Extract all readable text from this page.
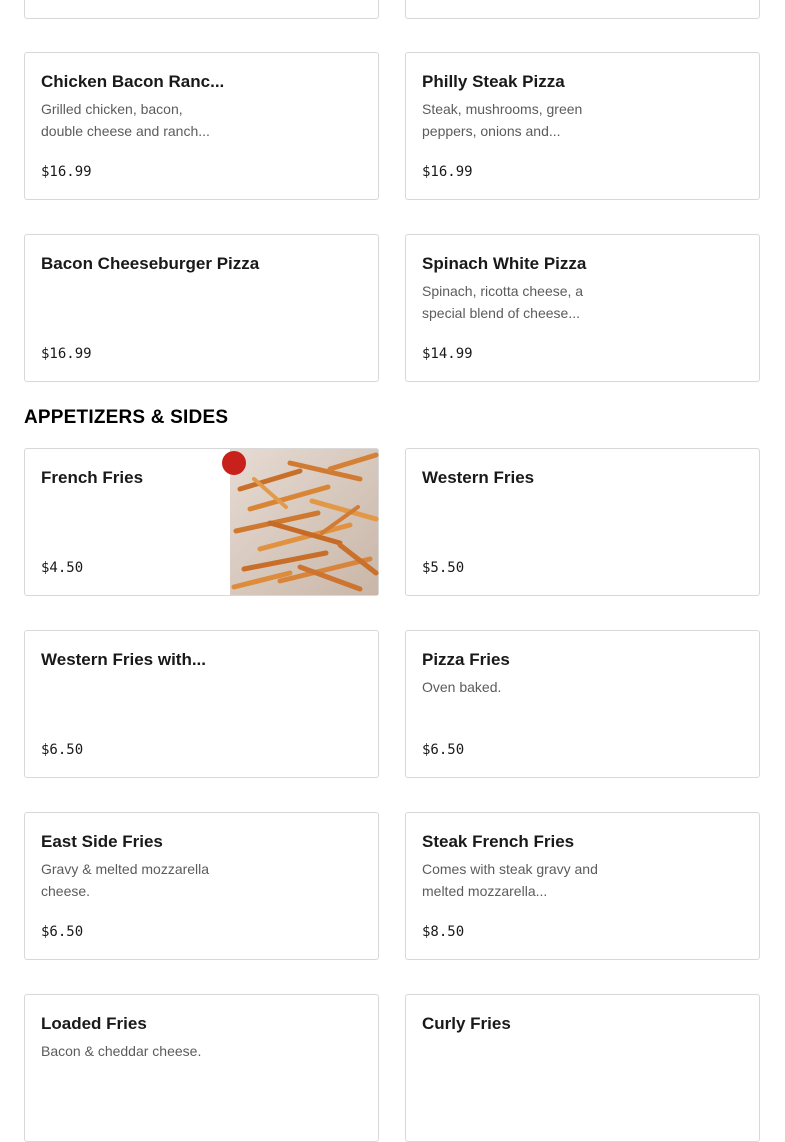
Chicken Bacon Ranc...
Grilled chicken, bacon, double cheese and ranch...
$16.99
Philly Steak Pizza
Steak, mushrooms, green peppers, onions and...
$16.99
Bacon Cheeseburger Pizza
$16.99
Spinach White Pizza
Spinach, ricotta cheese, a special blend of cheese...
$14.99
APPETIZERS & SIDES
French Fries
$4.50
Western Fries
$5.50
Western Fries with...
$6.50
Pizza Fries
Oven baked.
$6.50
East Side Fries
Gravy & melted mozzarella cheese.
$6.50
Steak French Fries
Comes with steak gravy and melted mozzarella...
$8.50
Loaded Fries
Bacon & cheddar cheese.
Curly Fries
